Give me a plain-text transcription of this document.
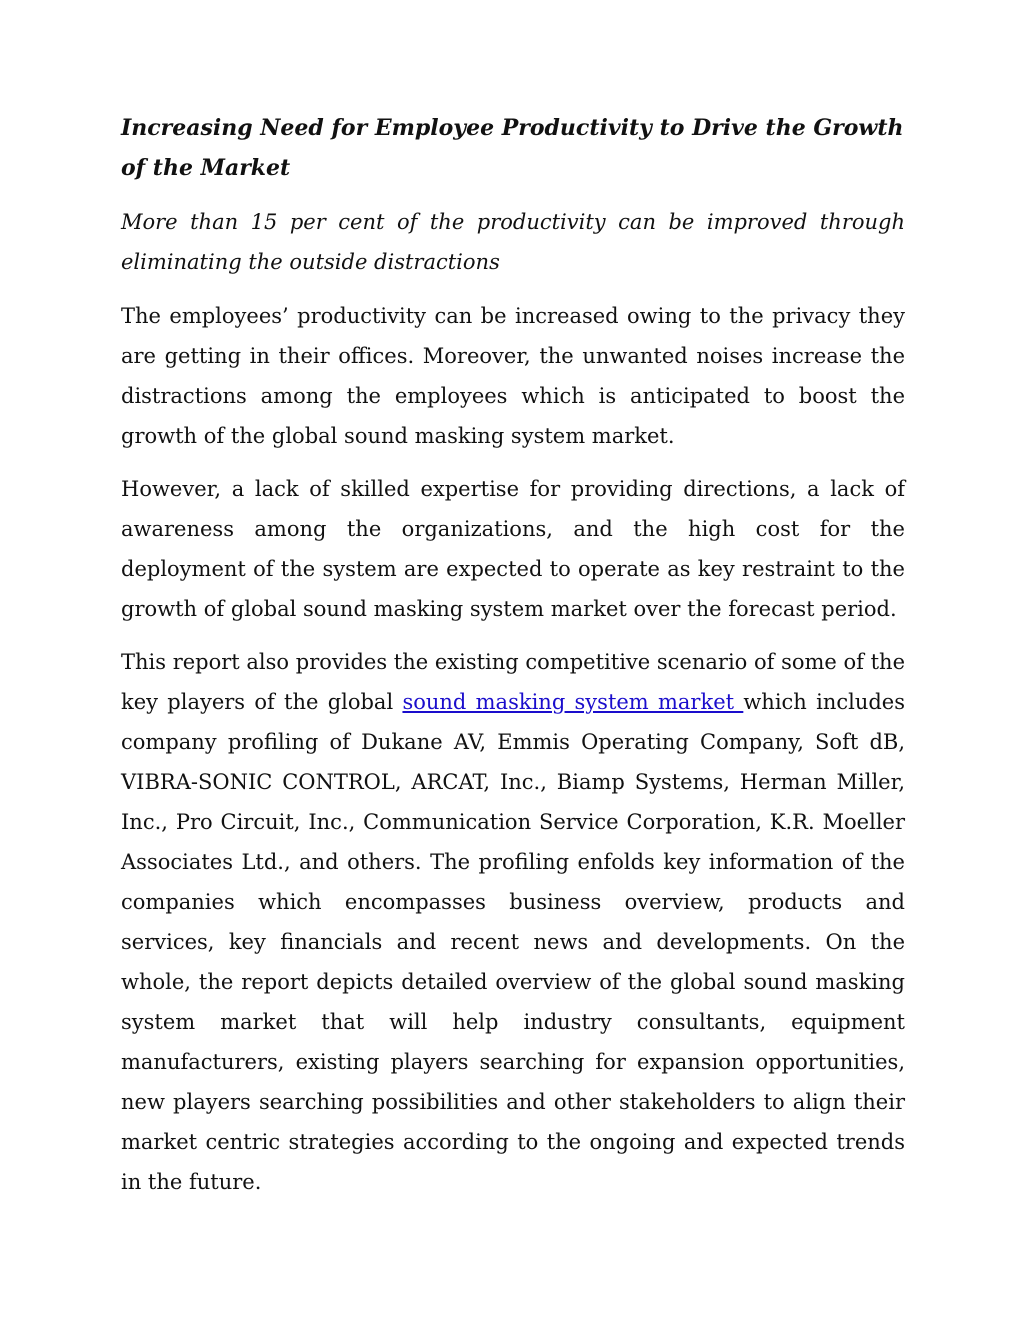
Increasing Need for Employee Productivity to Drive the Growth of the Market

More than 15 per cent of the productivity can be improved through eliminating the outside distractions

The employees’ productivity can be increased owing to the privacy they are getting in their offices. Moreover, the unwanted noises increase the distractions among the employees which is anticipated to boost the growth of the global sound masking system market.

However, a lack of skilled expertise for providing directions, a lack of awareness among the organizations, and the high cost for the deployment of the system are expected to operate as key restraint to the growth of global sound masking system market over the forecast period.

This report also provides the existing competitive scenario of some of the key players of the global sound masking system market which includes company profiling of Dukane AV, Emmis Operating Company, Soft dB, VIBRA-SONIC CONTROL, ARCAT, Inc., Biamp Systems, Herman Miller, Inc., Pro Circuit, Inc., Communication Service Corporation, K.R. Moeller Associates Ltd., and others. The profiling enfolds key information of the companies which encompasses business overview, products and services, key financials and recent news and developments. On the whole, the report depicts detailed overview of the global sound masking system market that will help industry consultants, equipment manufacturers, existing players searching for expansion opportunities, new players searching possibilities and other stakeholders to align their market centric strategies according to the ongoing and expected trends in the future.
